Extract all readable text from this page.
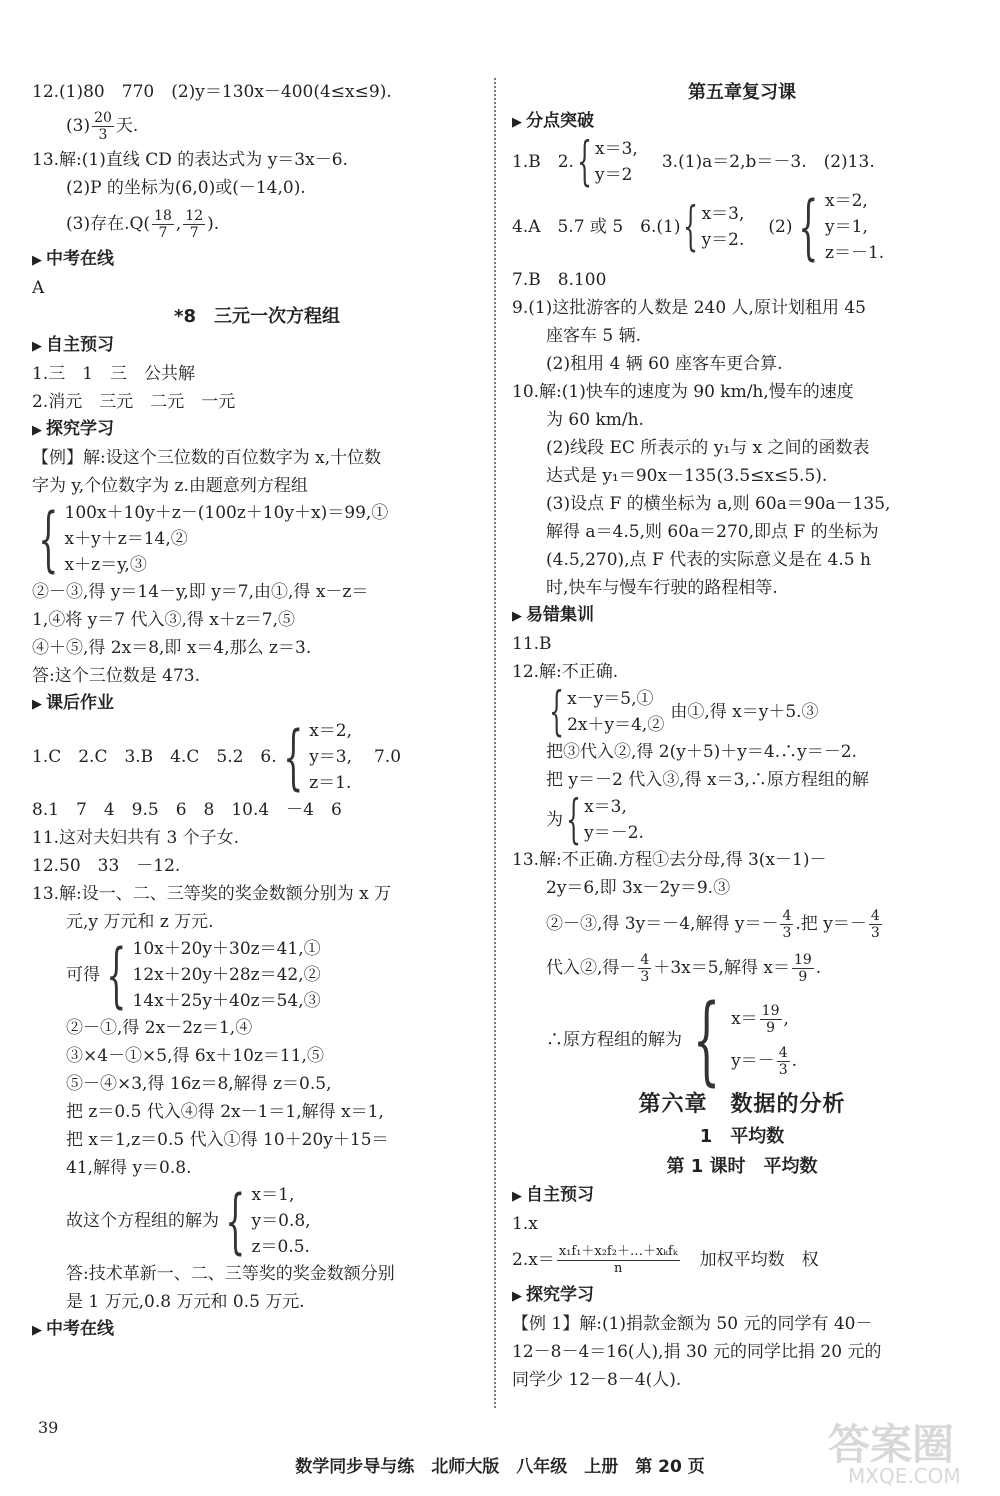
12.(1)80　770　(2)y＝130x－400(4≤x≤9).
$(3) \frac{20}{3}$ 天.
13.解:(1)直线 CD 的表达式为 y＝3x－6.
(2)P 的坐标为(6,0)或(－14,0).
(3)存在$.Q( \frac{18}{7}$ , $\frac{12}{7}$ ).
▶ 中考在线
A
*8　三元一次方程组
▶ 自主预习
1.三　1　三　公共解
2.消元　三元　二元　一元
▶ 探究学习
【例】解:设这个三位数的百位数字为 x,十位数
字为 y,个位数字为 z.由题意列方程组
{ 100x＋10y＋z－(100z＋10y＋x)＝99,①
x＋y＋z＝14,②
x＋z＝y,③
②－③,得 y＝14－y,即 y＝7,由①,得 x－z＝
1,④将 y＝7 代入③,得 x＋z＝7,⑤
④＋⑤,得 2x＝8,即 x＝4,那么 z＝3.
答:这个三位数是 473.
▶ 课后作业
1.C　2.C　3.B　4.C　5.2　6. { x＝2,
y＝3,
z＝1.
7.0
8.1　7　4　9.5　6　8　10.4　－4　6
11.这对夫妇共有 3 个子女.
12.50　33　－12.
13.解:设一、二、三等奖的奖金数额分别为 x 万
元,y 万元和 z 万元.
可得 { 10x＋20y＋30z＝41,①
12x＋20y＋28z＝42,②
14x＋25y＋40z＝54,③
②－①,得 2x－2z＝1,④
③×4－①×5,得 6x＋10z＝11,⑤
⑤－④×3,得 16z＝8,解得 z＝0.5,
把 z＝0.5 代入④得 2x－1＝1,解得 x＝1,
把 x＝1,z＝0.5 代入①得 10＋20y＋15＝
41,解得 y＝0.8.
故这个方程组的解为 { x＝1,
y＝0.8,
z＝0.5.
答:技术革新一、二、三等奖的奖金数额分别
是 1 万元,0.8 万元和 0.5 万元.
▶ 中考在线
第五章复习课
▶ 分点突破
1.B　2. { x＝3,
y＝2
3.(1)a＝2,b＝－3.　(2)13.
4.A　5.7 或 5　6.(1) { x＝3,
y＝2.
(2) { x＝2,
y＝1,
z＝－1.
7.B　8.100
9.(1)这批游客的人数是 240 人,原计划租用 45
座客车 5 辆.
(2)租用 4 辆 60 座客车更合算.
10.解:(1)快车的速度为 90 km/h,慢车的速度
为 60 km/h.
(2)线段 EC 所表示的 y₁与 x 之间的函数表
达式是 y₁＝90x－135(3.5≤x≤5.5).
(3)设点 F 的横坐标为 a,则 60a＝90a－135,
解得 a＝4.5,则 60a＝270,即点 F 的坐标为
(4.5,270),点 F 代表的实际意义是在 4.5 h
时,快车与慢车行驶的路程相等.
▶ 易错集训
11.B
12.解:不正确.
{ x－y＝5,①
2x＋y＝4,②
由①,得 x＝y＋5.③
把③代入②,得 2(y＋5)＋y＝4.∴y＝－2.
把 y＝－2 代入③,得 x＝3,∴原方程组的解
为 { x＝3,
y＝－2.
13.解:不正确.方程①去分母,得 3(x－1)－
2y＝6,即 3x－2y＝9.③
②－③,得 3y＝－4,解得 $y=- \frac{4}{3}$ .把 $y=- \frac{4}{3}$
代入②,得－ $\frac{4}{3} +3x=5$,解得 $x= \frac{19}{9}$ .
∴原方程组的解为 { $x= \frac{19}{9}$ ,
$y=- \frac{4}{3}$ .
第六章　数据的分析
1　平均数
第 1 课时　平均数
▶ 自主预习
1.x
$2.x= \frac{\text{x₁f₁＋x₂f₂＋…＋xₖfₖ}}{n}$ 加权平均数　权
▶ 探究学习
【例 1】解:(1)捐款金额为 50 元的同学有 40－
12－8－4＝16(人),捐 30 元的同学比捐 20 元的
同学少 12－8－4(人).
39
数学同步导与练　北师大版　八年级　上册　第 20 页	答案圈
MXQE.COM
